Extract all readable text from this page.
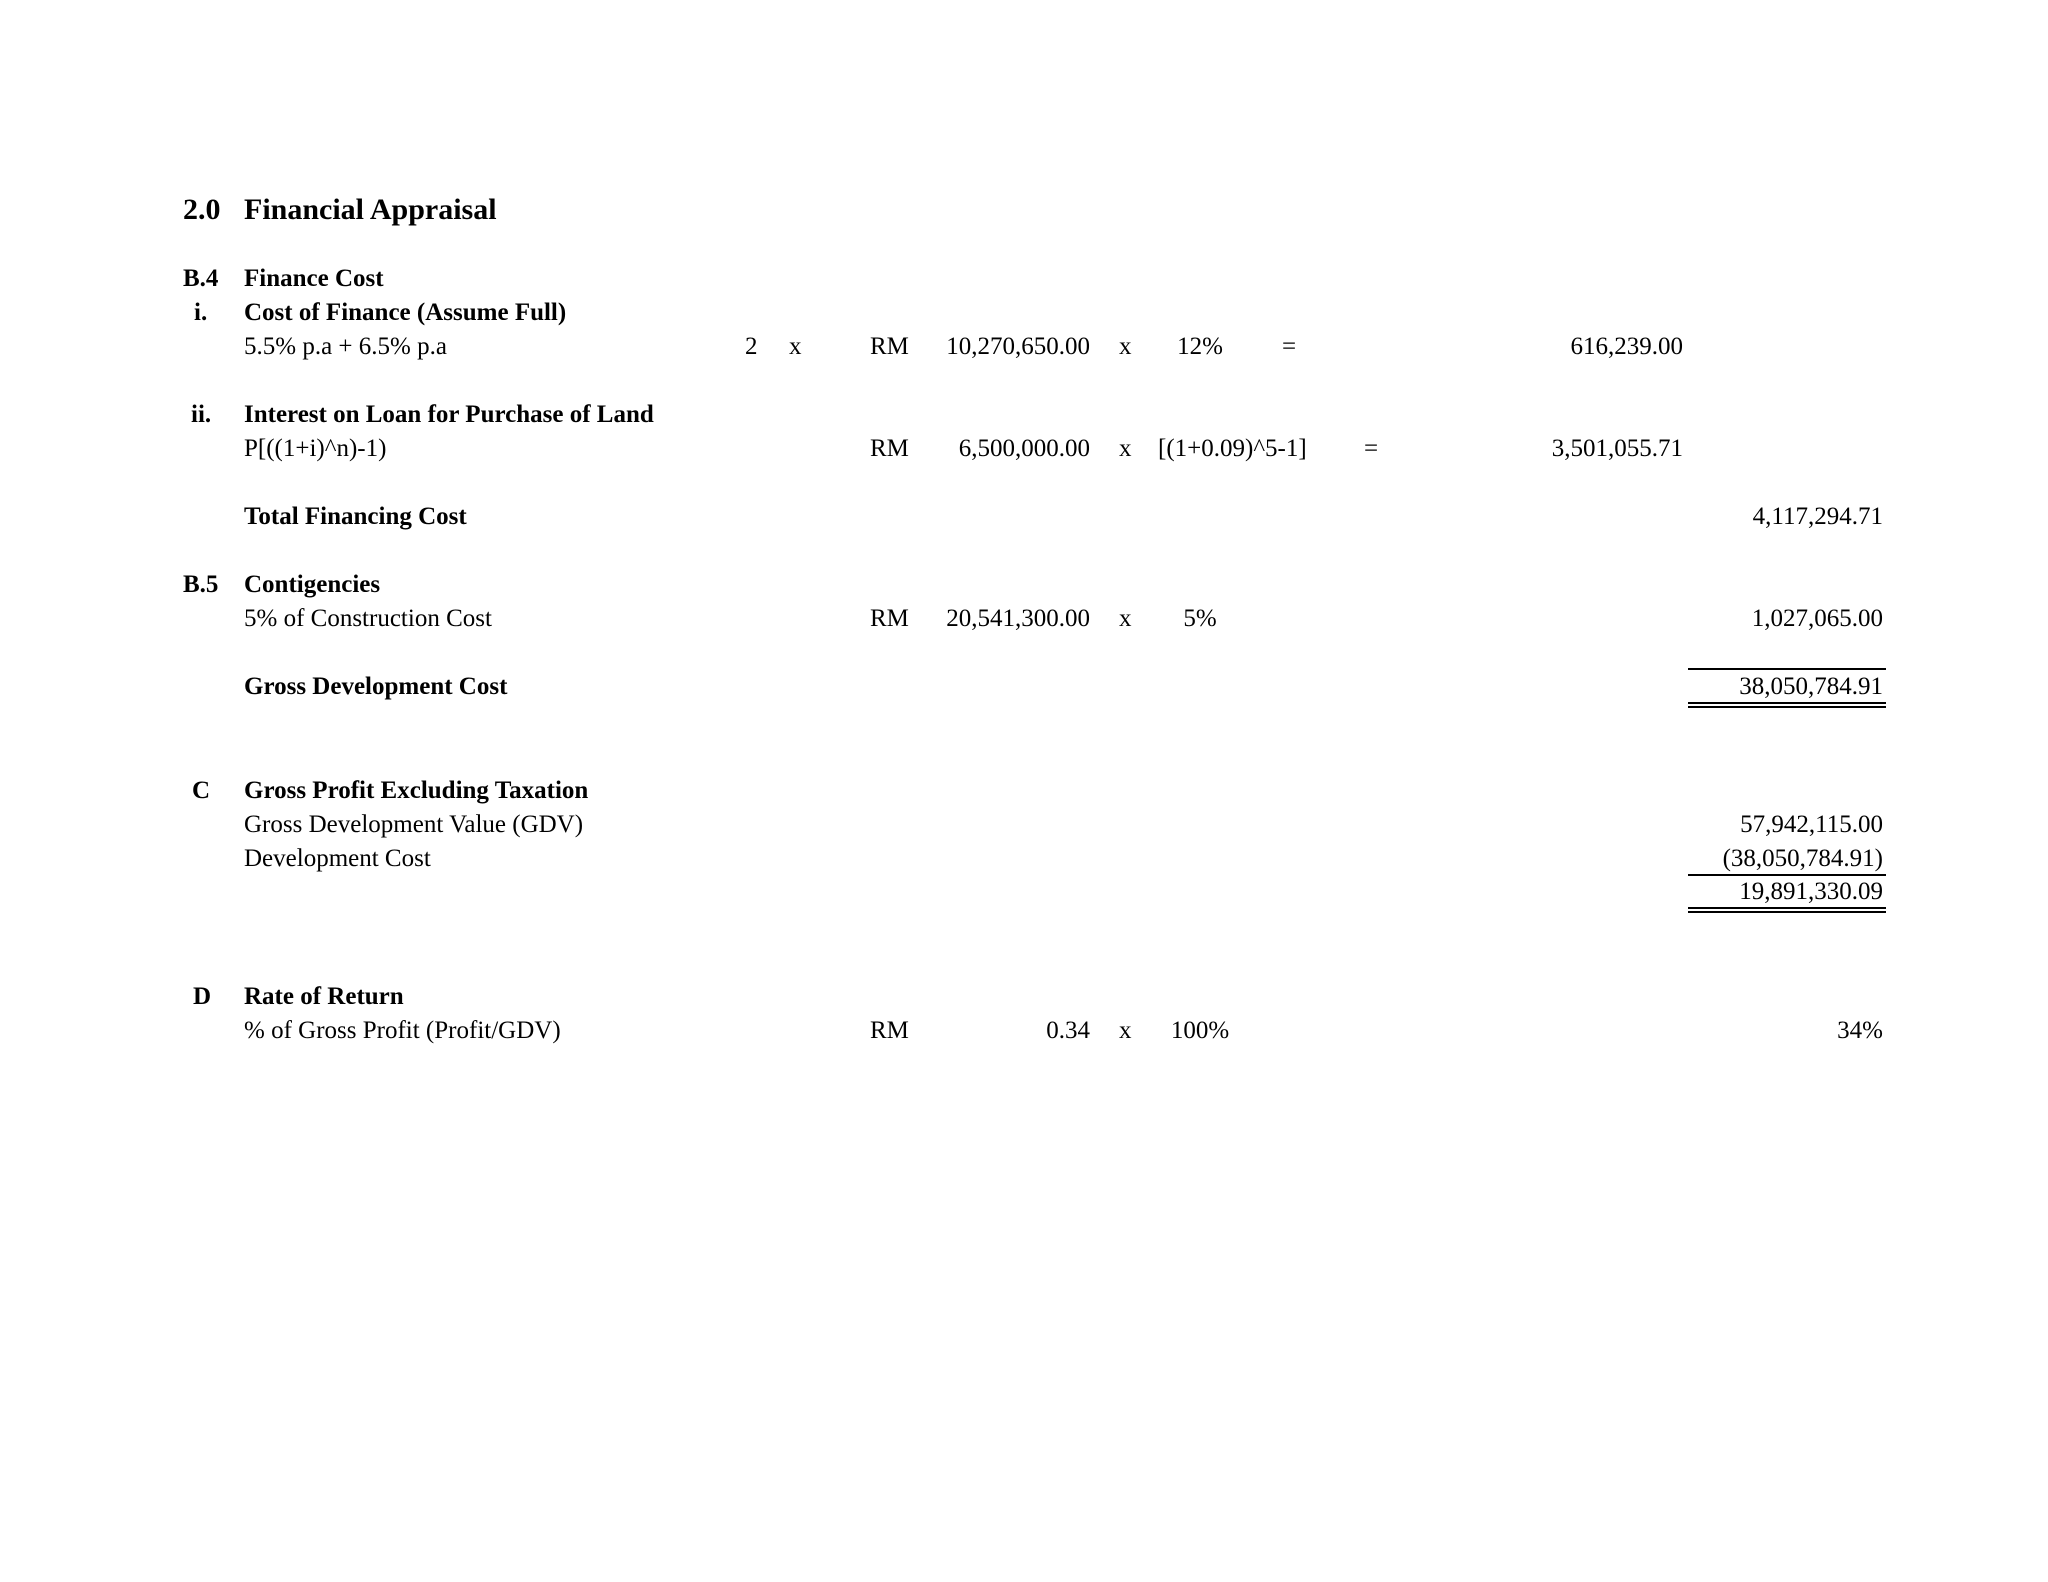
2.0 Financial Appraisal
B.4 Finance Cost
i. Cost of Finance (Assume Full)
5.5% p.a + 6.5% p.a	2 x	RM	10,270,650.00 x	12%	=	616,239.00
ii. Interest on Loan for Purchase of Land
P[((1+i)^n)-1)	RM	6,500,000.00 x [(1+0.09)^5-1] =	3,501,055.71
Total Financing Cost	4,117,294.71
B.5 Contigencies
5% of Construction Cost	RM	20,541,300.00 x	5%	1,027,065.00
Gross Development Cost	38,050,784.91
C Gross Profit Excluding Taxation
Gross Development Value (GDV)	57,942,115.00
Development Cost	(38,050,784.91)
19,891,330.09
D Rate of Return
% of Gross Profit (Profit/GDV)	RM	0.34 x	100%	34%
